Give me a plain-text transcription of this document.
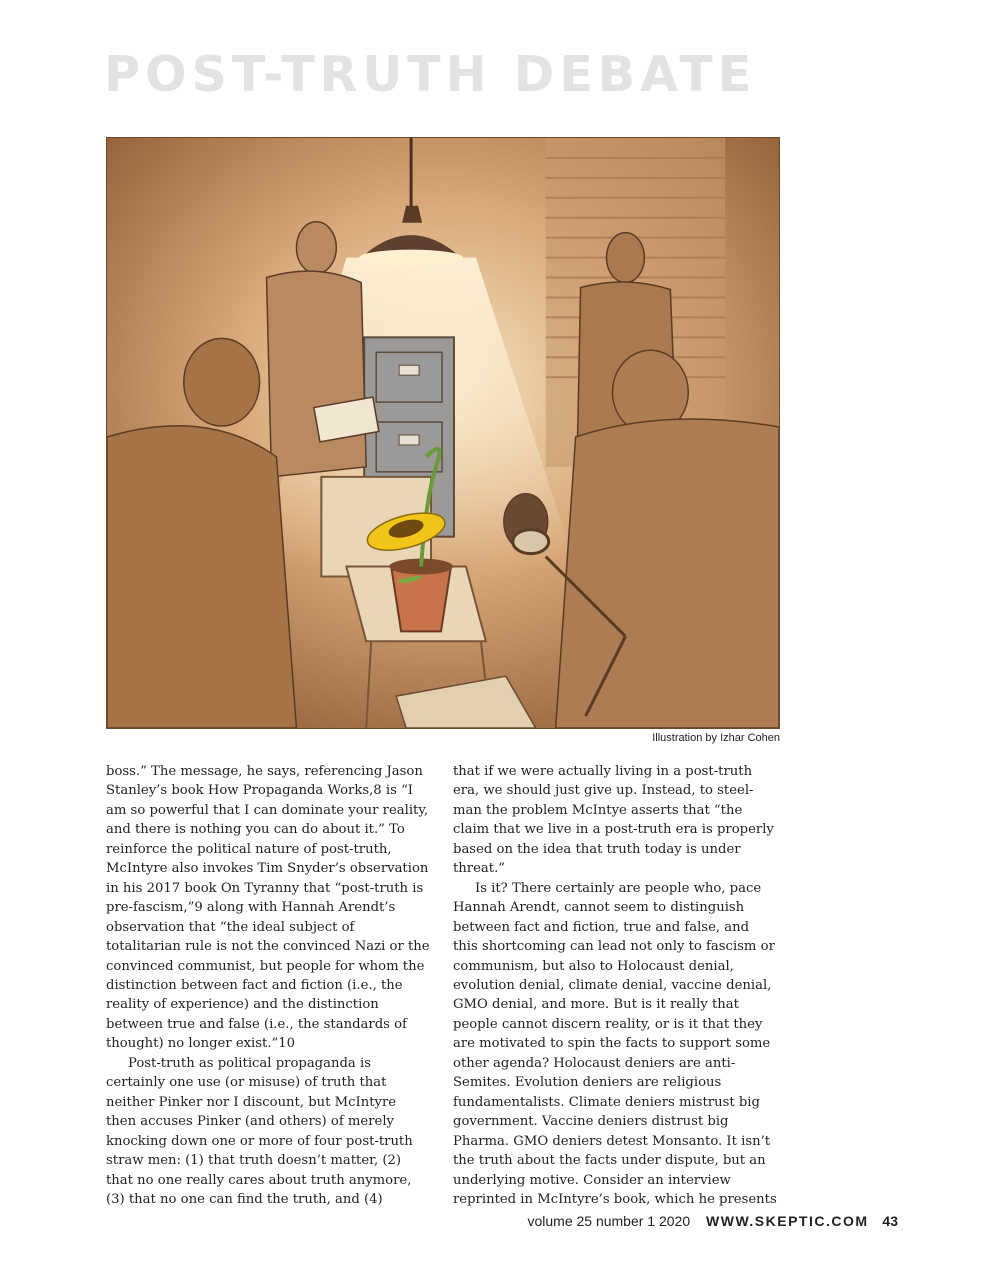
POST-TRUTH DEBATE
Illustration by Izhar Cohen

boss.” The message, he says, referencing Jason Stanley’s book How Propaganda Works,8 is “I am so powerful that I can dominate your reality, and there is nothing you can do about it.” To reinforce the political nature of post-truth, McIntyre also invokes Tim Snyder’s observation in his 2017 book On Tyranny that “post-truth is pre-fascism,”9 along with Hannah Arendt’s observation that “the ideal subject of totalitarian rule is not the convinced Nazi or the convinced communist, but people for whom the distinction between fact and fiction (i.e., the reality of experience) and the distinction between true and false (i.e., the standards of thought) no longer exist.”10

Post-truth as political propaganda is certainly one use (or misuse) of truth that neither Pinker nor I discount, but McIntyre then accuses Pinker (and others) of merely knocking down one or more of four post-truth straw men: (1) that truth doesn’t matter, (2) that no one really cares about truth anymore, (3) that no one can find the truth, and (4)

that if we were actually living in a post-truth era, we should just give up. Instead, to steel-man the problem McIntye asserts that “the claim that we live in a post-truth era is properly based on the idea that truth today is under threat.”

Is it? There certainly are people who, pace Hannah Arendt, cannot seem to distinguish between fact and fiction, true and false, and this shortcoming can lead not only to fascism or communism, but also to Holocaust denial, evolution denial, climate denial, vaccine denial, GMO denial, and more. But is it really that people cannot discern reality, or is it that they are motivated to spin the facts to support some other agenda? Holocaust deniers are anti-Semites. Evolution deniers are religious fundamentalists. Climate deniers mistrust big government. Vaccine deniers distrust big Pharma. GMO deniers detest Monsanto. It isn’t the truth about the facts under dispute, but an underlying motive. Consider an interview reprinted in McIntyre’s book, which he presents

volume 25 number 1 2020 WWW.SKEPTIC.COM 43
